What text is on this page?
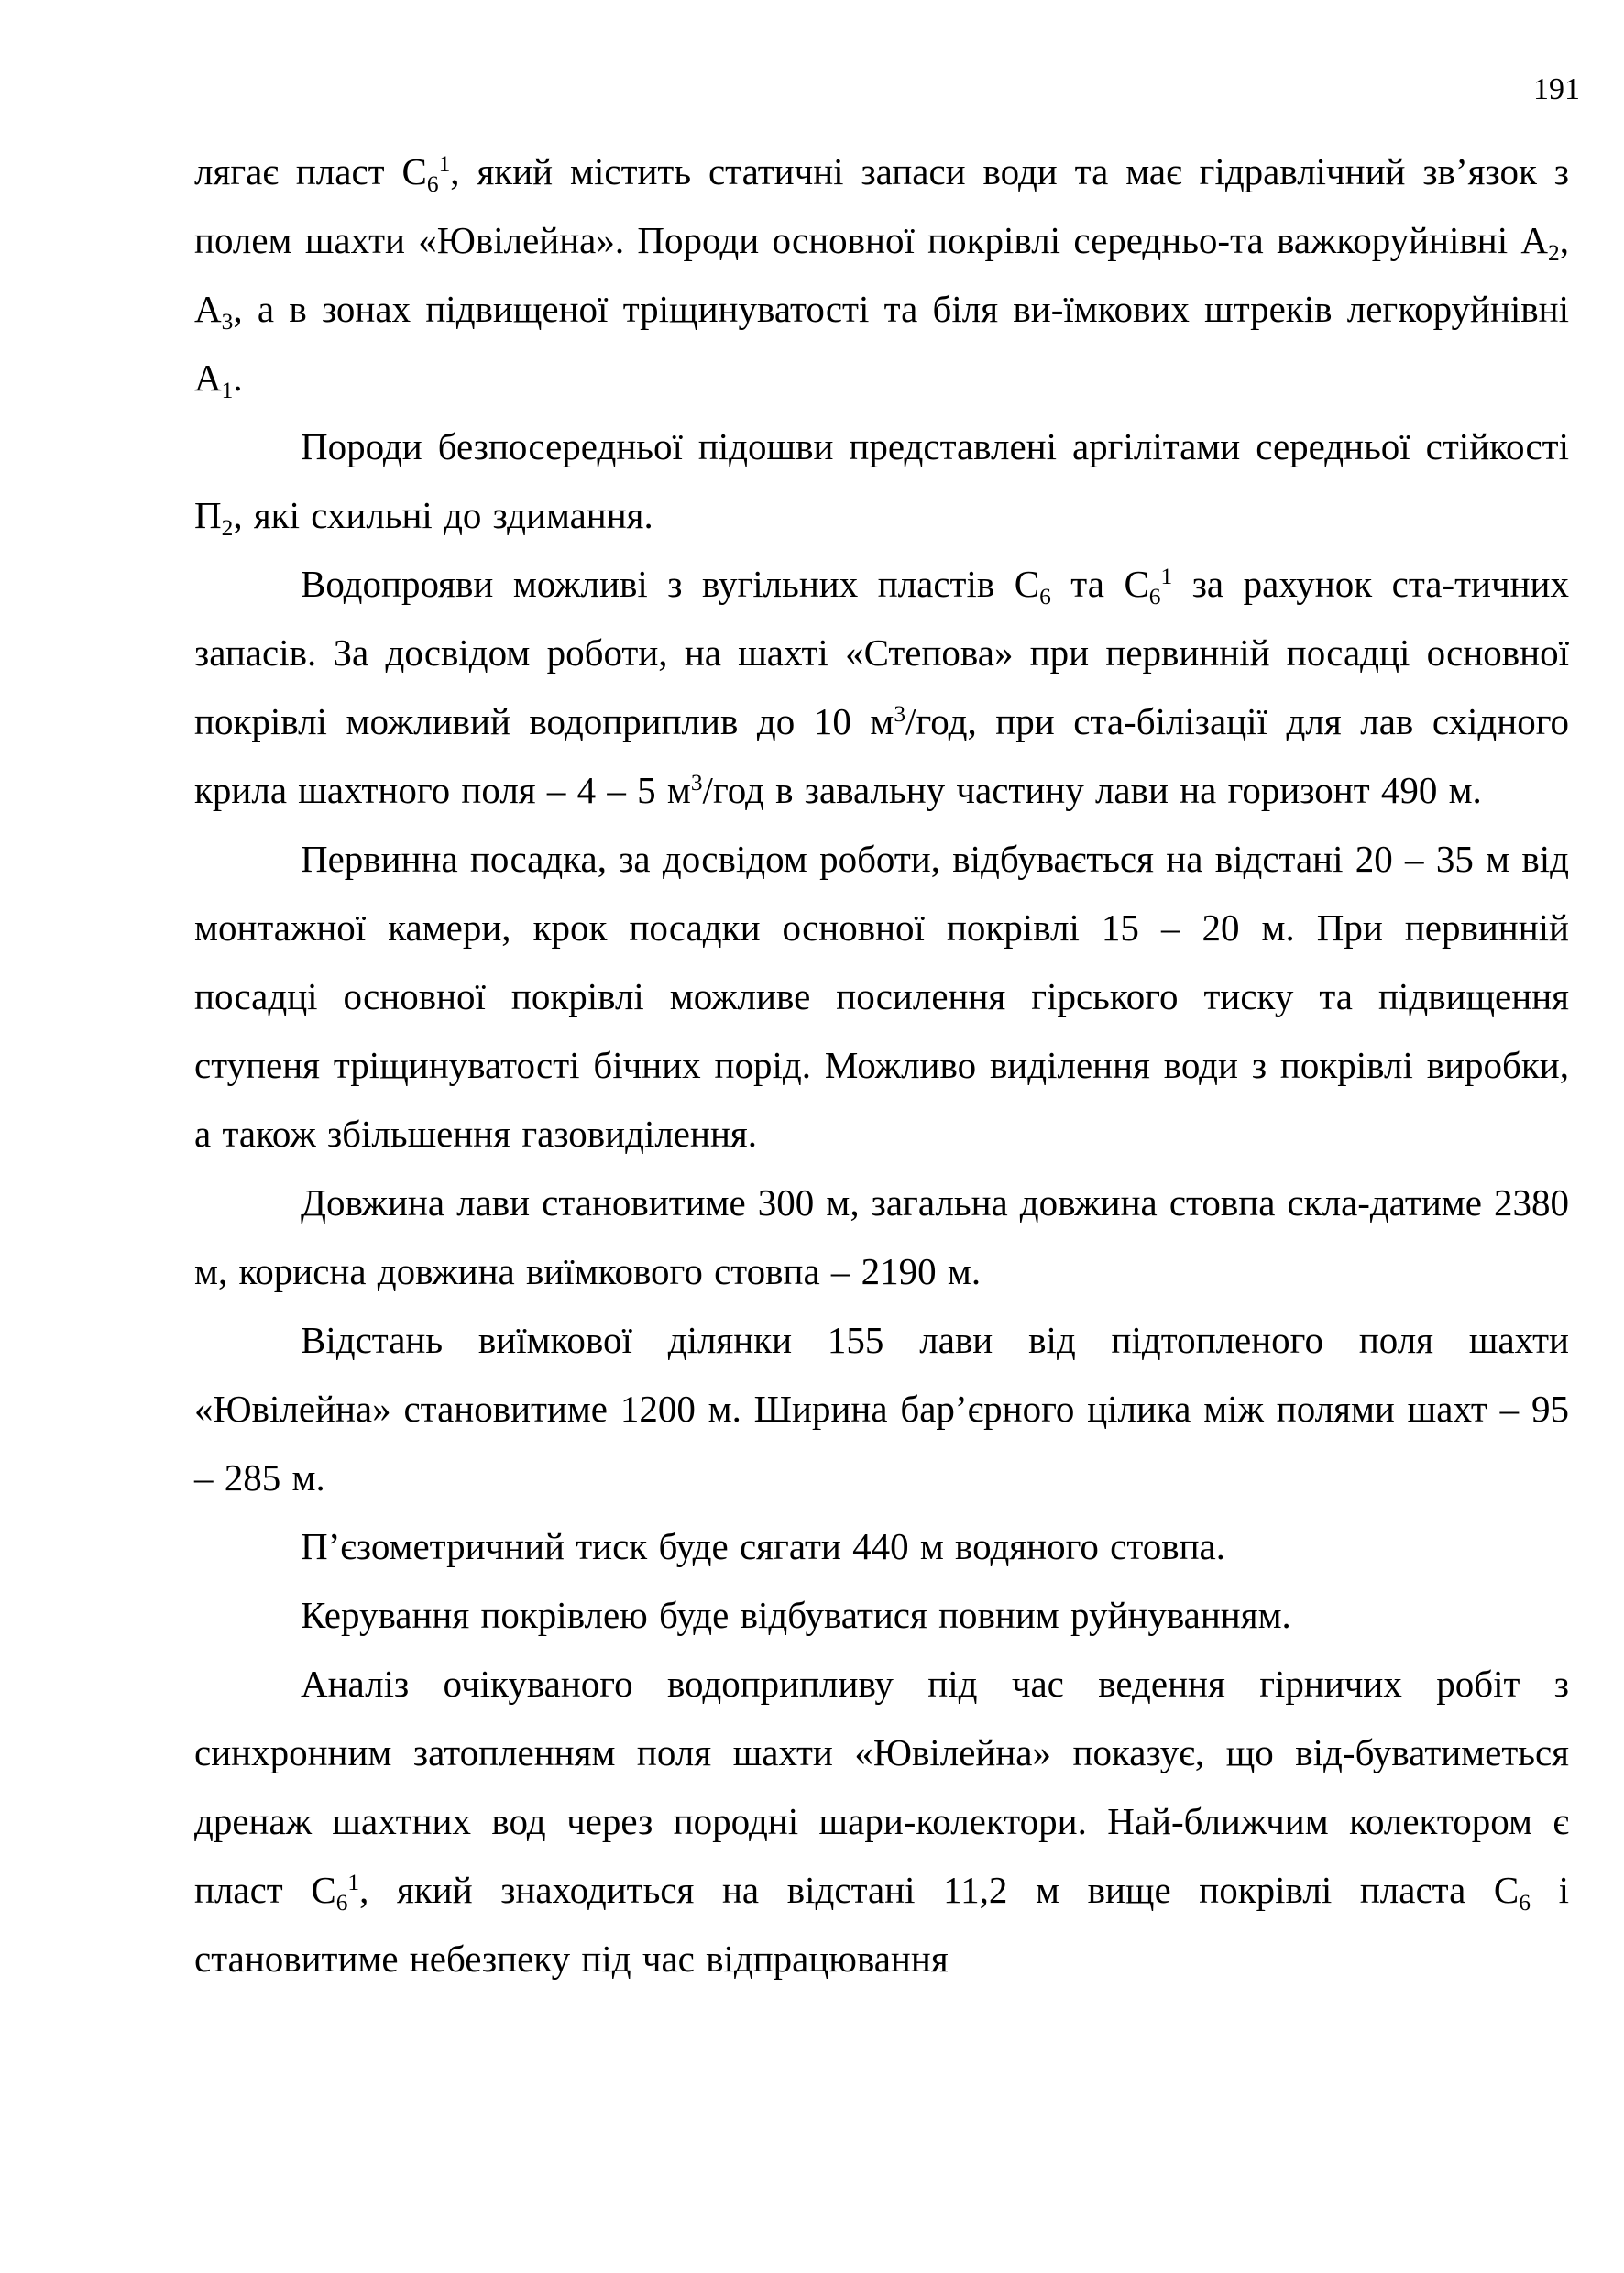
191

лягає пласт $С_6^1$, який містить статичні запаси води та має гідравлічний зв’язок з полем шахти «Ювілейна». Породи основної покрівлі середньо-та важкоруйнівні $А_2$, $А_3$, а в зонах підвищеної тріщинуватості та біля ви-їмкових штреків легкоруйнівні $А_1$.

Породи безпосередньої підошви представлені аргілітами середньої стійкості $П_2$, які схильні до здимання.

Водопрояви можливі з вугільних пластів $С_6$ та $С_6^1$ за рахунок ста-тичних запасів. За досвідом роботи, на шахті «Степова» при первинній посадці основної покрівлі можливий водоприплив до 10 $м^3$/год, при ста-білізації для лав східного крила шахтного поля – 4 – 5 $м^3$/год в завальну частину лави на горизонт 490 м.

Первинна посадка, за досвідом роботи, відбувається на відстані 20 – 35 м від монтажної камери, крок посадки основної покрівлі 15 – 20 м. При первинній посадці основної покрівлі можливе посилення гірського тиску та підвищення ступеня тріщинуватості бічних порід. Можливо виділення води з покрівлі виробки, а також збільшення газовиділення.

Довжина лави становитиме 300 м, загальна довжина стовпа скла-датиме 2380 м, корисна довжина виїмкового стовпа – 2190 м.

Відстань виїмкової ділянки 155 лави від підтопленого поля шахти «Ювілейна» становитиме 1200 м. Ширина бар’єрного цілика між полями шахт – 95 – 285 м.

П’єзометричний тиск буде сягати 440 м водяного стовпа.

Керування покрівлею буде відбуватися повним руйнуванням.

Аналіз очікуваного водоприпливу під час ведення гірничих робіт з синхронним затопленням поля шахти «Ювілейна» показує, що від-буватиметься дренаж шахтних вод через породні шари-колектори. Най-ближчим колектором є пласт $С_6^1$, який знаходиться на відстані 11,2 м вище покрівлі пласта $С_6$ і становитиме небезпеку під час відпрацювання
